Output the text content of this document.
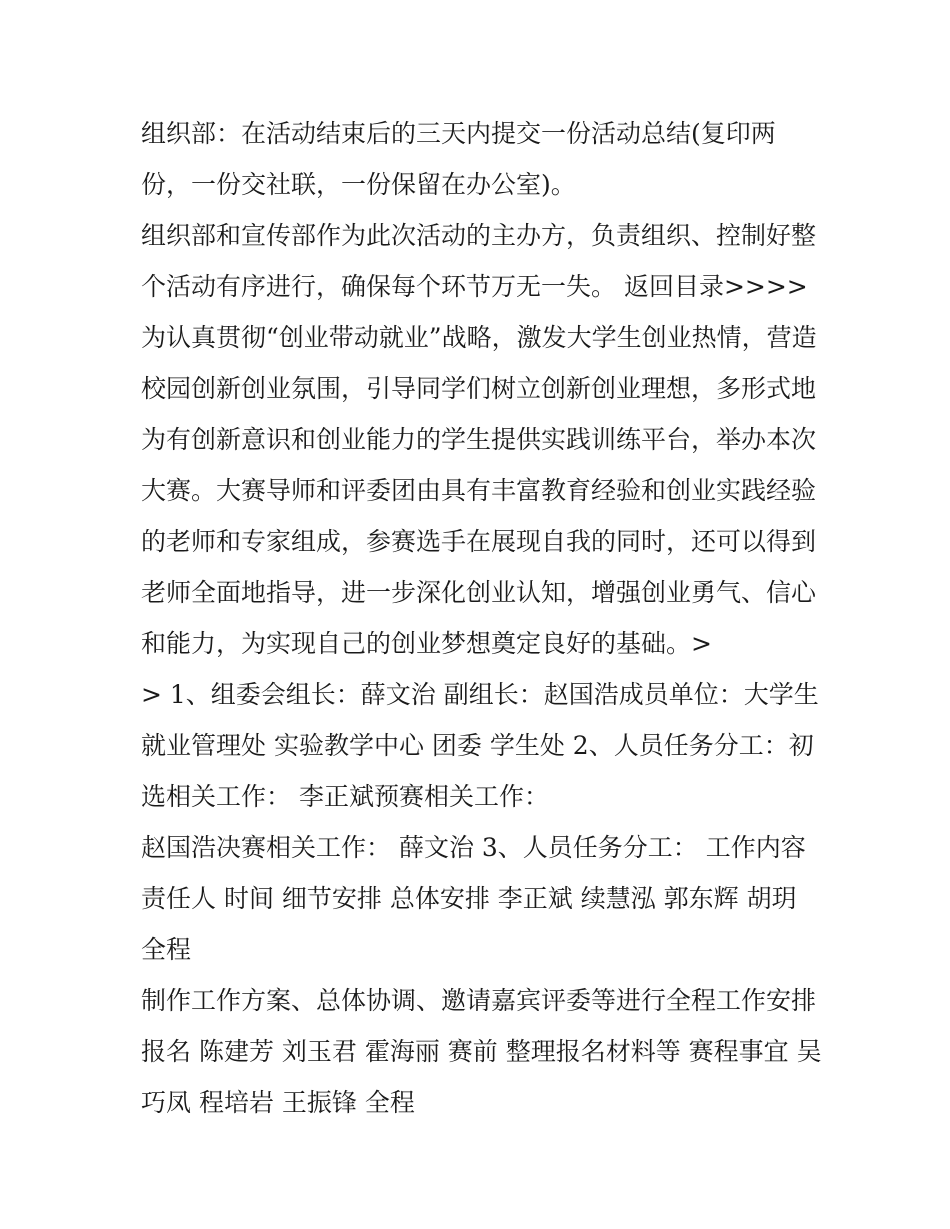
组织部：在活动结束后的三天内提交一份活动总结(复印两
份，一份交社联，一份保留在办公室)。
组织部和宣传部作为此次活动的主办方，负责组织、控制好整
个活动有序进行，确保每个环节万无一失。 返回目录>>>>
为认真贯彻“创业带动就业”战略，激发大学生创业热情，营造
校园创新创业氛围，引导同学们树立创新创业理想，多形式地
为有创新意识和创业能力的学生提供实践训练平台，举办本次
大赛。大赛导师和评委团由具有丰富教育经验和创业实践经验
的老师和专家组成，参赛选手在展现自我的同时，还可以得到
老师全面地指导，进一步深化创业认知，增强创业勇气、信心
和能力，为实现自己的创业梦想奠定良好的基础。>
> 1、组委会组长：薛文治 副组长：赵国浩成员单位：大学生
就业管理处 实验教学中心 团委 学生处 2、人员任务分工：初
选相关工作： 李正斌预赛相关工作：
赵国浩决赛相关工作： 薛文治 3、人员任务分工： 工作内容
责任人 时间 细节安排 总体安排 李正斌 续慧泓 郭东辉 胡玥
全程
制作工作方案、总体协调、邀请嘉宾评委等进行全程工作安排
报名 陈建芳 刘玉君 霍海丽 赛前 整理报名材料等 赛程事宜 吴
巧凤 程培岩 王振锋 全程
